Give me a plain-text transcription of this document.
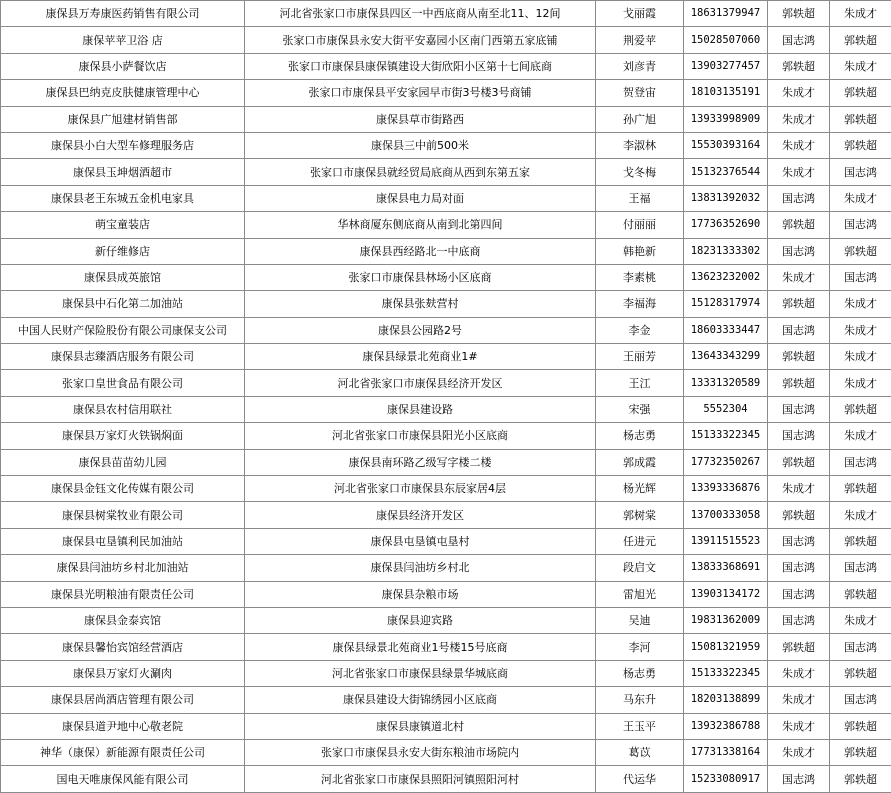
康保县万寿康医药销售有限公司	河北省张家口市康保县四区一中西底商从南至北11、12间	戈丽霞	18631379947	郭轶超	朱成才
康保苹苹卫浴 店	张家口市康保县永安大街平安嘉园小区南门西第五家底铺	荆爱苹	15028507060	国志鸿	郭轶超
康保县小萨餐饮店	张家口市康保县康保镇建设大街欣阳小区第十七间底商	刘彦青	13903277457	郭轶超	朱成才
康保县巴纳克皮肤健康管理中心	张家口市康保县平安家园早市街3号楼3号商铺	贺登宙	18103135191	朱成才	郭轶超
康保县广旭建材销售部	康保县草市街路西	孙广旭	13933998909	朱成才	郭轶超
康保县小白大型车修理服务店	康保县三中前500米	李淑林	15530393164	朱成才	郭轶超
康保县玉坤烟酒超市	张家口市康保县就经贸局底商从西到东第五家	戈冬梅	15132376544	朱成才	国志鸿
康保县老王东城五金机电家具	康保县电力局对面	王福	13831392032	国志鸿	朱成才
萌宝童装店	华林商厦东侧底商从南到北第四间	付丽丽	17736352690	郭轶超	国志鸿
新仔维修店	康保县西经路北一中底商	韩艳新	18231333302	国志鸿	郭轶超
康保县成英旅馆	张家口市康保县林场小区底商	李素桃	13623232002	朱成才	国志鸿
康保县中石化第二加油站	康保县张麸营村	李福海	15128317974	郭轶超	朱成才
中国人民财产保险股份有限公司康保支公司	康保县公园路2号	李金	18603333447	国志鸿	朱成才
康保县志臻酒店服务有限公司	康保县绿景北苑商业1#	王丽芳	13643343299	郭轶超	朱成才
张家口皇世食品有限公司	河北省张家口市康保县经济开发区	王江	13331320589	郭轶超	朱成才
康保县农村信用联社	康保县建设路	宋强	5552304	国志鸿	郭轶超
康保县万家灯火铁锅焖面	河北省张家口市康保县阳光小区底商	杨志勇	15133322345	国志鸿	朱成才
康保县苗苗幼儿园	康保县南环路乙级写字楼二楼	郭成霞	17732350267	郭轶超	国志鸿
康保县金钰文化传媒有限公司	河北省张家口市康保县东辰家居4层	杨光辉	13393336876	朱成才	郭轶超
康保县树棠牧业有限公司	康保县经济开发区	郭树棠	13700333058	郭轶超	朱成才
康保县屯垦镇利民加油站	康保县屯垦镇屯垦村	任进元	13911515523	国志鸿	郭轶超
康保县闫油坊乡村北加油站	康保县闫油坊乡村北	段启文	13833368691	国志鸿	国志鸿
康保县光明粮油有限责任公司	康保县杂粮市场	雷旭光	13903134172	国志鸿	郭轶超
康保县金泰宾馆	康保县迎宾路	吴迪	19831362009	国志鸿	朱成才
康保县馨怡宾馆经营酒店	康保县绿景北苑商业1号楼15号底商	李河	15081321959	郭轶超	国志鸿
康保县万家灯火涮肉	河北省张家口市康保县绿景华城底商	杨志勇	15133322345	朱成才	郭轶超
康保县居尚酒店管理有限公司	康保县建设大街锦绣园小区底商	马东升	18203138899	朱成才	国志鸿
康保县道尹地中心敬老院	康保县康镇道北村	王玉平	13932386788	朱成才	郭轶超
神华（康保）新能源有限责任公司	张家口市康保县永安大街东粮油市场院内	葛苡	17731338164	朱成才	郭轶超
国电天唯康保风能有限公司	河北省张家口市康保县照阳河镇照阳河村	代运华	15233080917	国志鸿	郭轶超
